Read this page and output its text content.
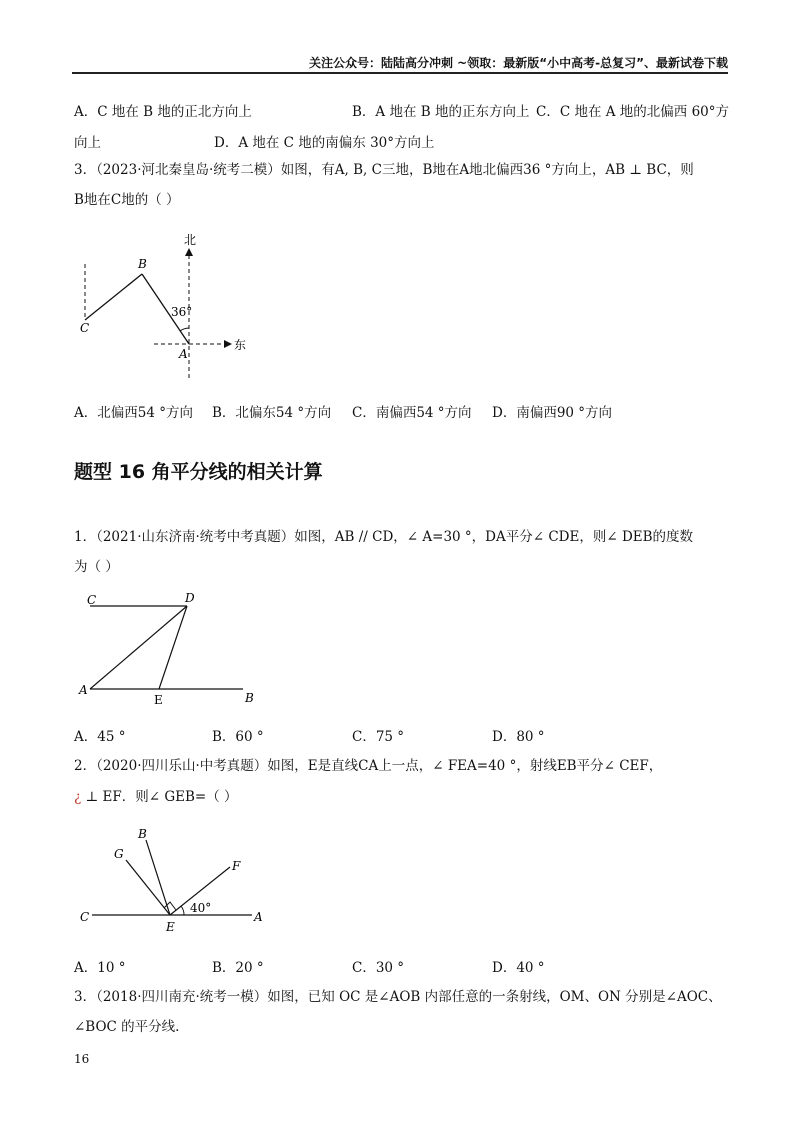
关注公众号：陆陆高分冲刺 ~领取：最新版“小中高考-总复习”、最新试卷下载
A．C 地在 B 地的正北方向上	B．A 地在 B 地的正东方向上 C．C 地在 A 地的北偏西 60°方
向上	D．A 地在 C 地的南偏东 30°方向上
3．（2023·河北秦皇岛·统考二模）如图，有A, B, C三地，B地在A地北偏西36 °方向上，AB ⊥ BC，则
B地在C地的（ ）
北
东
36°
A
B
C
A．北偏西54 °方向 B．北偏东54 °方向 C．南偏西54 °方向 D．南偏西90 °方向
题型 16 角平分线的相关计算
1．（2021·山东济南·统考中考真题）如图，AB // CD，∠ A=30 °，DA平分∠ CDE，则∠ DEB的度数
为（ ）
C	D
A
E	B
A．45 °	B．60 °	C．75 °	D．80 °
2．（2020·四川乐山·中考真题）如图，E是直线CA上一点，∠ FEA=40 °，射线EB平分∠ CEF，
¿ ⊥ EF．则∠ GEB=（ ）
G
B
F
C
E
A
40°
A．10 °	B．20 °	C．30 °	D．40 °
3．（2018·四川南充·统考一模）如图，已知 OC 是∠AOB 内部任意的一条射线，OM、ON 分别是∠AOC、
∠BOC 的平分线.
16
